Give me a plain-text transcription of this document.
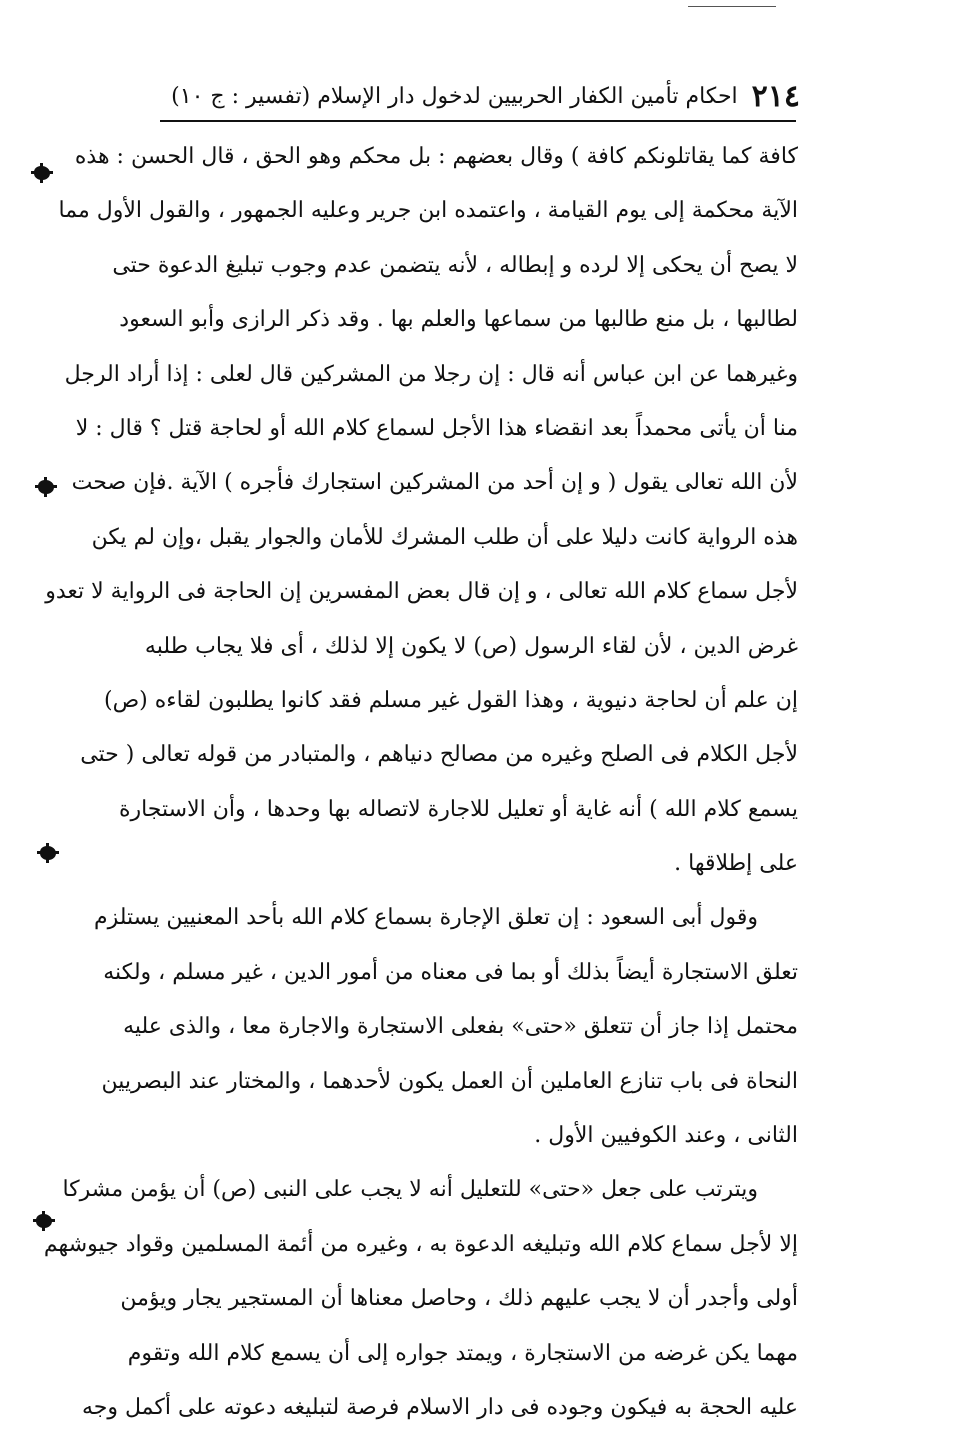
٢١٤
احكام تأمين الكفار الحربيين لدخول دار الإسلام (تفسير : ج ١٠)
كافة كما يقاتلونكم كافة ) وقال بعضهم : بل محكم وهو الحق ، قال الحسن : هذه
الآية محكمة إلى يوم القيامة ، واعتمده ابن جرير وعليه الجمهور ، والقول الأول مما
لا يصح أن يحكى إلا لرده و إبطاله ، لأنه يتضمن عدم وجوب تبليغ الدعوة حتى
لطالبها ، بل منع طالبها من سماعها والعلم بها . وقد ذكر الرازى وأبو السعود
وغيرهما عن ابن عباس أنه قال : إن رجلا من المشركين قال لعلى : إذا أراد الرجل
منا أن يأتى محمداً بعد انقضاء هذا الأجل لسماع كلام الله أو لحاجة قتل ؟ قال : لا
لأن الله تعالى يقول ( و إن أحد من المشركين استجارك فأجره ) الآية .فإن صحت
هذه الرواية كانت دليلا على أن طلب المشرك للأمان والجوار يقبل ،وإن لم يكن
لأجل سماع كلام الله تعالى ، و إن قال بعض المفسرين إن الحاجة فى الرواية لا تعدو
غرض الدين ، لأن لقاء الرسول (ص) لا يكون إلا لذلك ، أى فلا يجاب طلبه
إن علم أن لحاجة دنيوية ، وهذا القول غير مسلم فقد كانوا يطلبون لقاءه (ص)
لأجل الكلام فى الصلح وغيره من مصالح دنياهم ، والمتبادر من قوله تعالى ( حتى
يسمع كلام الله ) أنه غاية أو تعليل للاجارة لاتصاله بها وحدها ، وأن الاستجارة
على إطلاقها .
وقول أبى السعود : إن تعلق الإجارة بسماع كلام الله بأحد المعنيين يستلزم
تعلق الاستجارة أيضاً بذلك أو بما فى معناه من أمور الدين ، غير مسلم ، ولكنه
محتمل إذا جاز أن تتعلق «حتى» بفعلى الاستجارة والاجارة معا ، والذى عليه
النحاة فى باب تنازع العاملين أن العمل يكون لأحدهما ، والمختار عند البصريين
الثانى ، وعند الكوفيين الأول .
ويترتب على جعل «حتى» للتعليل أنه لا يجب على النبى (ص) أن يؤمن مشركا
إلا لأجل سماع كلام الله وتبليغه الدعوة به ، وغيره من أئمة المسلمين وقواد جيوشهم
أولى وأجدر أن لا يجب عليهم ذلك ، وحاصل معناها أن المستجير يجار ويؤمن
مهما يكن غرضه من الاستجارة ، ويمتد جواره إلى أن يسمع كلام الله وتقوم
عليه الحجة به فيكون وجوده فى دار الاسلام فرصة لتبليغه دعوته على أكمل وجه
